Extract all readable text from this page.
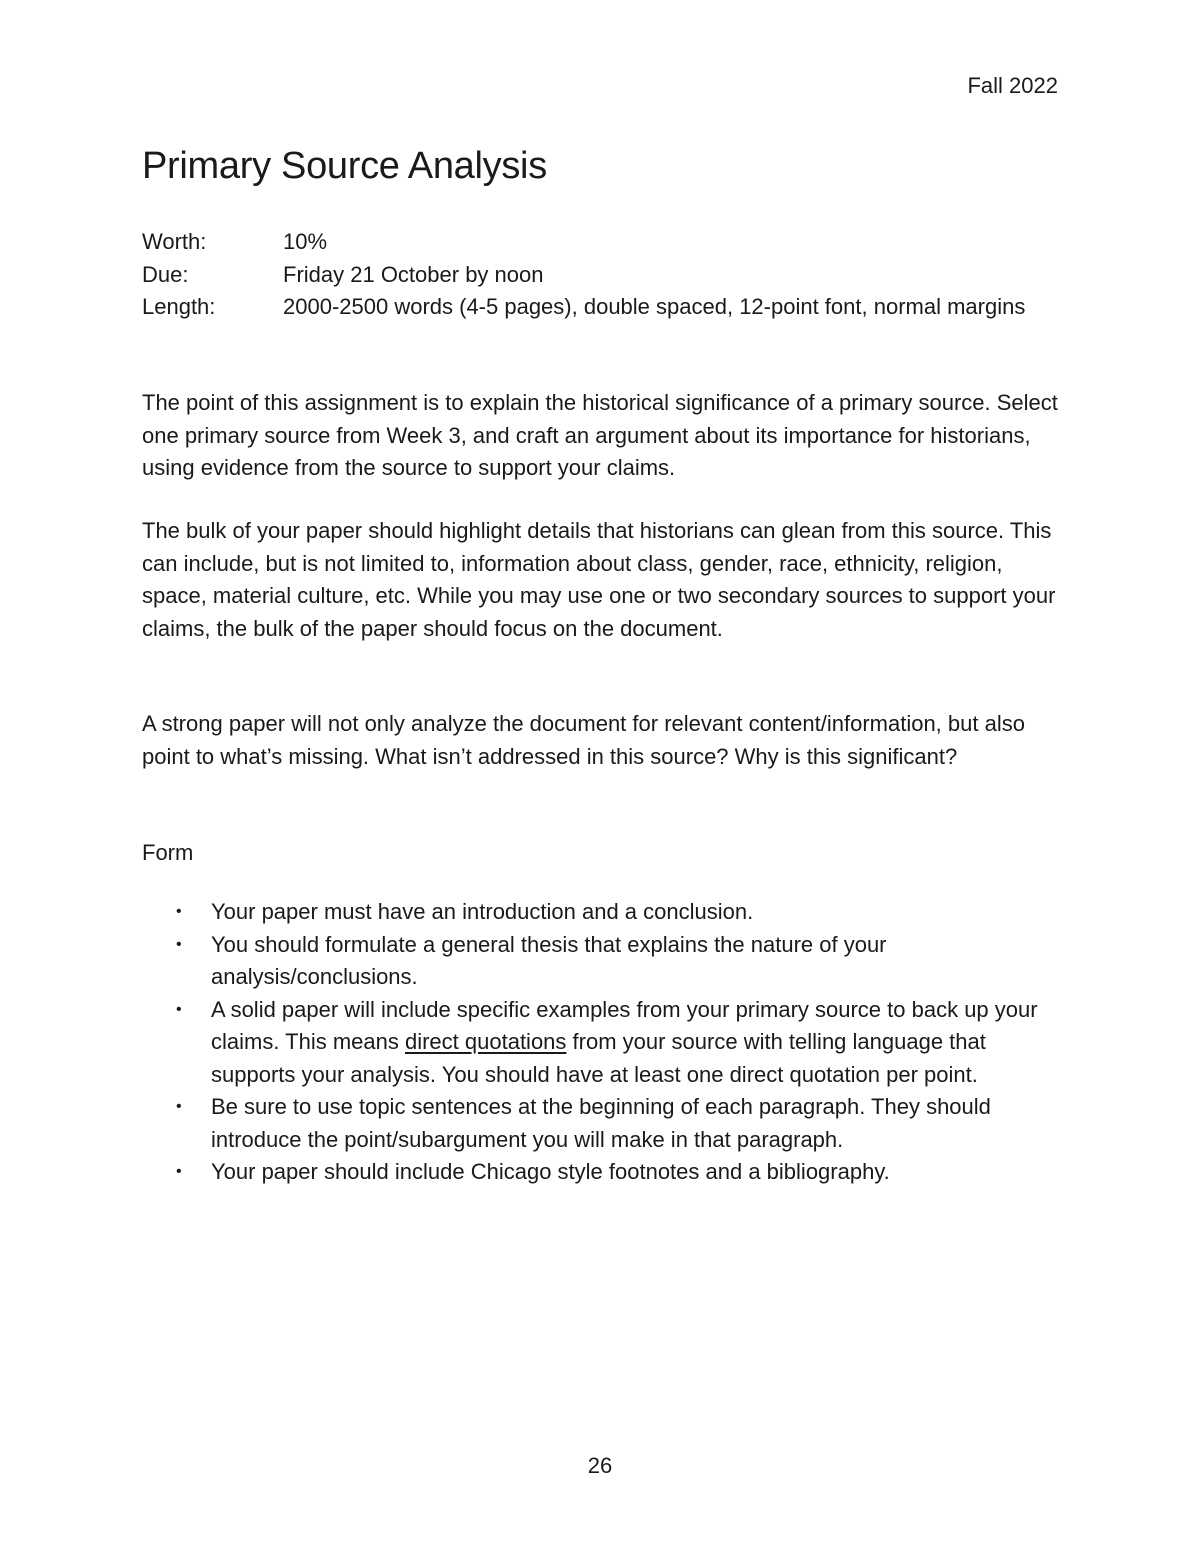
Fall 2022
Primary Source Analysis
Worth:	10%
Due:	Friday 21 October by noon
Length:	2000-2500 words (4-5 pages), double spaced, 12-point font, normal margins

The point of this assignment is to explain the historical significance of a primary source. Select one primary source from Week 3, and craft an argument about its importance for historians, using evidence from the source to support your claims.

The bulk of your paper should highlight details that historians can glean from this source. This can include, but is not limited to, information about class, gender, race, ethnicity, religion, space, material culture, etc. While you may use one or two secondary sources to support your claims, the bulk of the paper should focus on the document.

A strong paper will not only analyze the document for relevant content/information, but also point to what’s missing. What isn’t addressed in this source? Why is this significant?

Form

• Your paper must have an introduction and a conclusion.
• You should formulate a general thesis that explains the nature of your analysis/conclusions.
• A solid paper will include specific examples from your primary source to back up your claims. This means direct quotations from your source with telling language that supports your analysis. You should have at least one direct quotation per point.
• Be sure to use topic sentences at the beginning of each paragraph. They should introduce the point/subargument you will make in that paragraph.
• Your paper should include Chicago style footnotes and a bibliography.
26
